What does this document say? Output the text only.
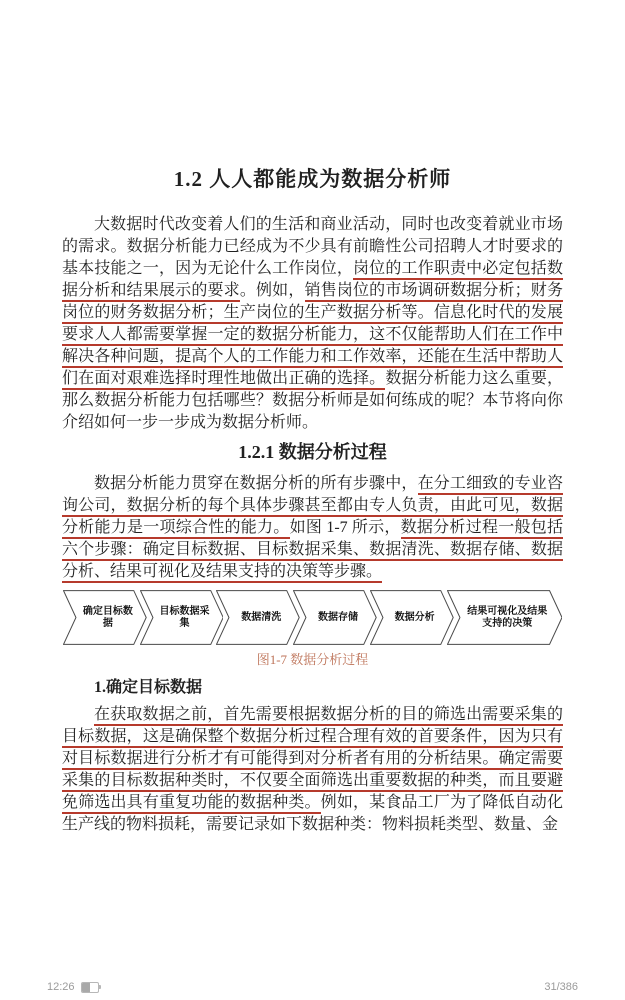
1.2 人人都能成为数据分析师

大数据时代改变着人们的生活和商业活动，同时也改变着就业市场的需求。数据分析能力已经成为不少具有前瞻性公司招聘人才时要求的基本技能之一，因为无论什么工作岗位，岗位的工作职责中必定包括数据分析和结果展示的要求。例如，销售岗位的市场调研数据分析；财务岗位的财务数据分析；生产岗位的生产数据分析等。信息化时代的发展要求人人都需要掌握一定的数据分析能力，这不仅能帮助人们在工作中解决各种问题，提高个人的工作能力和工作效率，还能在生活中帮助人们在面对艰难选择时理性地做出正确的选择。数据分析能力这么重要，那么数据分析能力包括哪些？数据分析师是如何练成的呢？本节将向你介绍如何一步一步成为数据分析师。

1.2.1 数据分析过程

数据分析能力贯穿在数据分析的所有步骤中，在分工细致的专业咨询公司，数据分析的每个具体步骤甚至都由专人负责，由此可见，数据分析能力是一项综合性的能力。如图 1-7 所示，数据分析过程一般包括六个步骤：确定目标数据、目标数据采集、数据清洗、数据存储、数据分析、结果可视化及结果支持的决策等步骤。

确定目标数据
目标数据采集
数据清洗	数据存储	数据分析
结果可视化及结果支持的决策
图1-7 数据分析过程
1.确定目标数据

在获取数据之前，首先需要根据数据分析的目的筛选出需要采集的目标数据，这是确保整个数据分析过程合理有效的首要条件，因为只有对目标数据进行分析才有可能得到对分析者有用的分析结果。确定需要采集的目标数据种类时，不仅要全面筛选出重要数据的种类，而且要避免筛选出具有重复功能的数据种类。例如，某食品工厂为了降低自动化生产线的物料损耗，需要记录如下数据种类：物料损耗类型、数量、金

12:26	31/386
